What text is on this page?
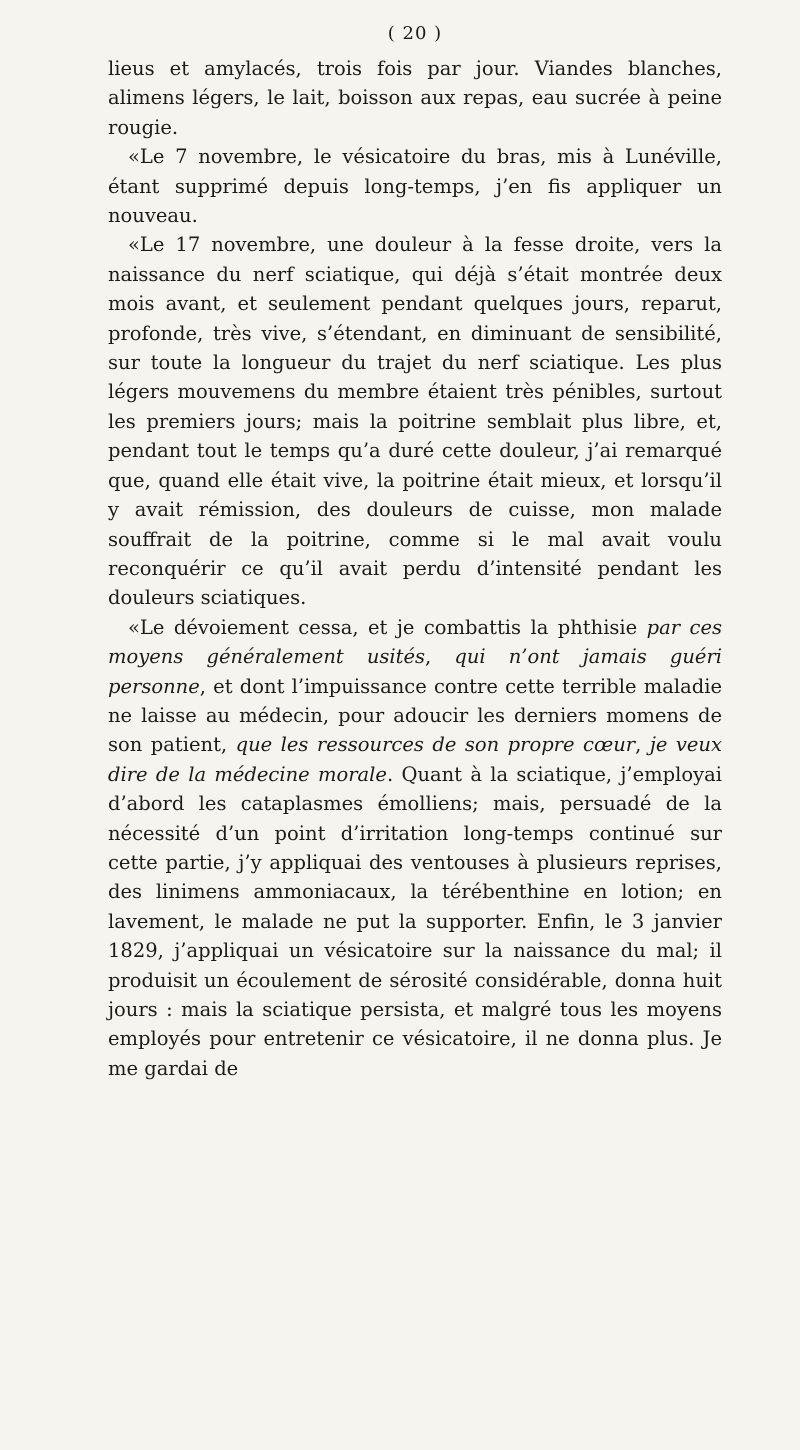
( 20 )

lieus et amylacés, trois fois par jour. Viandes blanches, alimens légers, le lait, boisson aux repas, eau sucrée à peine rougie.

«Le 7 novembre, le vésicatoire du bras, mis à Lunéville, étant supprimé depuis long-temps, j’en fis appliquer un nouveau.

«Le 17 novembre, une douleur à la fesse droite, vers la naissance du nerf sciatique, qui déjà s’était montrée deux mois avant, et seulement pendant quelques jours, reparut, profonde, très vive, s’étendant, en diminuant de sensibilité, sur toute la longueur du trajet du nerf sciatique. Les plus légers mouvemens du membre étaient très pénibles, surtout les premiers jours; mais la poitrine semblait plus libre, et, pendant tout le temps qu’a duré cette douleur, j’ai remarqué que, quand elle était vive, la poitrine était mieux, et lorsqu’il y avait rémission, des douleurs de cuisse, mon malade souffrait de la poitrine, comme si le mal avait voulu reconquérir ce qu’il avait perdu d’intensité pendant les douleurs sciatiques.

«Le dévoiement cessa, et je combattis la phthisie par ces moyens généralement usités, qui n’ont jamais guéri personne, et dont l’impuissance contre cette terrible maladie ne laisse au médecin, pour adoucir les derniers momens de son patient, que les ressources de son propre cœur, je veux dire de la médecine morale. Quant à la sciatique, j’employai d’abord les cataplasmes émolliens; mais, persuadé de la nécessité d’un point d’irritation long-temps continué sur cette partie, j’y appliquai des ventouses à plusieurs reprises, des linimens ammoniacaux, la térébenthine en lotion; en lavement, le malade ne put la supporter. Enfin, le 3 janvier 1829, j’appliquai un vésicatoire sur la naissance du mal; il produisit un écoulement de sérosité considérable, donna huit jours : mais la sciatique persista, et malgré tous les moyens employés pour entretenir ce vésicatoire, il ne donna plus. Je me gardai de
